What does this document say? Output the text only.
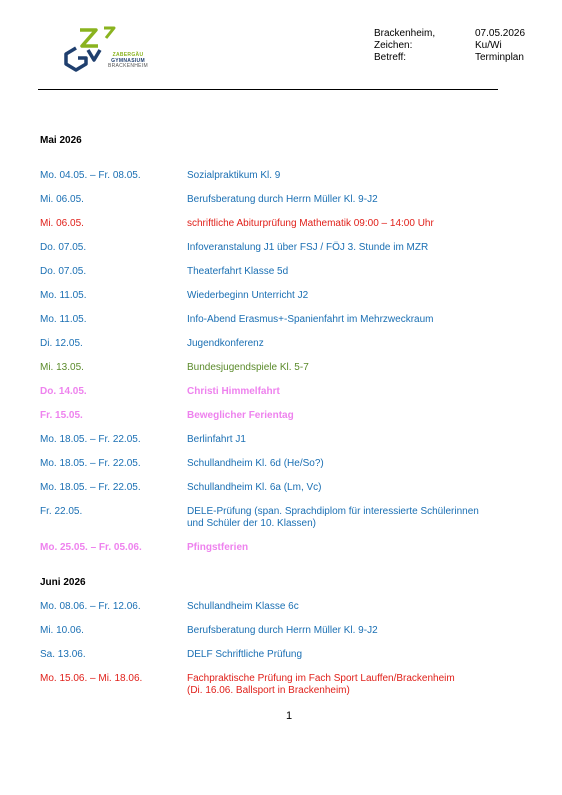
ZABERGÄU
GYMNASIUM
BRACKENHEIM
Brackenheim,	07.05.2026
Zeichen:	Ku/Wi
Betreff:	Terminplan
Mai 2026
Mo. 04.05. – Fr. 08.05.	Sozialpraktikum Kl. 9
Mi. 06.05.	Berufsberatung durch Herrn Müller Kl. 9-J2
Mi. 06.05.	schriftliche Abiturprüfung Mathematik 09:00 – 14:00 Uhr
Do. 07.05.	Infoveranstalung J1 über FSJ / FÖJ 3. Stunde im MZR
Do. 07.05.	Theaterfahrt Klasse 5d
Mo. 11.05.	Wiederbeginn Unterricht J2
Mo. 11.05.	Info-Abend Erasmus+-Spanienfahrt im Mehrzweckraum
Di. 12.05.	Jugendkonferenz
Mi. 13.05.	Bundesjugendspiele Kl. 5-7
Do. 14.05.	Christi Himmelfahrt
Fr. 15.05.	Beweglicher Ferientag
Mo. 18.05. – Fr. 22.05.	Berlinfahrt J1
Mo. 18.05. – Fr. 22.05.	Schullandheim Kl. 6d (He/So?)
Mo. 18.05. – Fr. 22.05.	Schullandheim Kl. 6a (Lm, Vc)
Fr. 22.05.	DELE-Prüfung (span. Sprachdiplom für interessierte Schülerinnen
und Schüler der 10. Klassen)
Mo. 25.05. – Fr. 05.06.	Pfingstferien
Juni 2026
Mo. 08.06. – Fr. 12.06.	Schullandheim Klasse 6c
Mi. 10.06.	Berufsberatung durch Herrn Müller Kl. 9-J2
Sa. 13.06.	DELF Schriftliche Prüfung
Mo. 15.06. – Mi. 18.06.	Fachpraktische Prüfung im Fach Sport Lauffen/Brackenheim
(Di. 16.06. Ballsport in Brackenheim)
1
